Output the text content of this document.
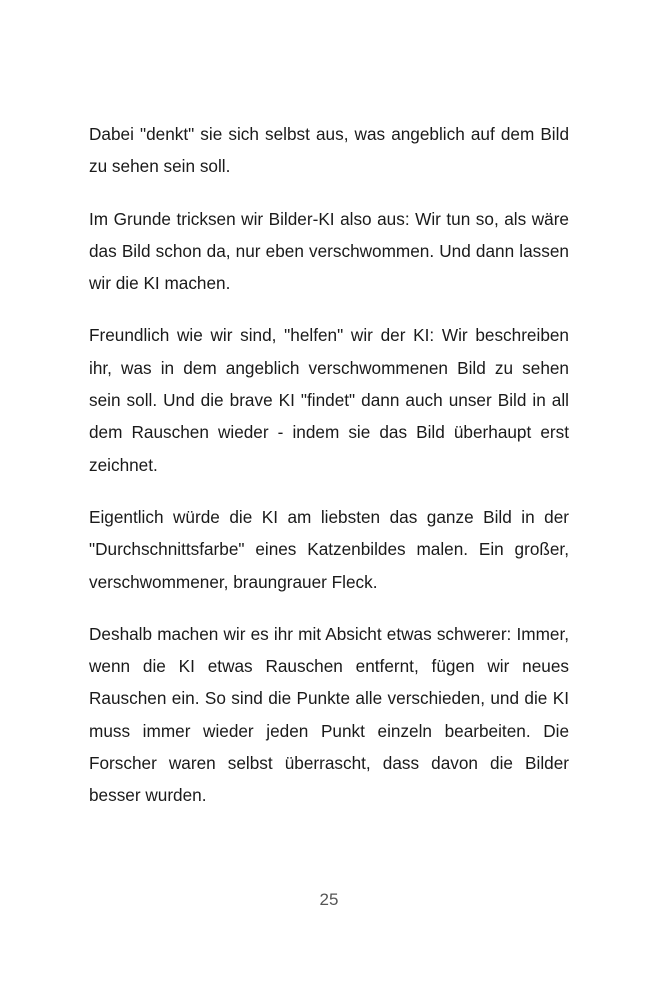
Dabei "denkt" sie sich selbst aus, was angeblich auf dem Bild zu sehen sein soll.

Im Grunde tricksen wir Bilder-KI also aus: Wir tun so, als wäre das Bild schon da, nur eben verschwommen. Und dann lassen wir die KI machen.

Freundlich wie wir sind, "helfen" wir der KI: Wir beschreiben ihr, was in dem angeblich verschwommenen Bild zu sehen sein soll. Und die brave KI "findet" dann auch unser Bild in all dem Rauschen wieder - indem sie das Bild überhaupt erst zeichnet.

Eigentlich würde die KI am liebsten das ganze Bild in der "Durchschnittsfarbe" eines Katzenbildes malen. Ein großer, verschwommener, braungrauer Fleck.

Deshalb machen wir es ihr mit Absicht etwas schwerer: Immer, wenn die KI etwas Rauschen entfernt, fügen wir neues Rauschen ein. So sind die Punkte alle verschieden, und die KI muss immer wieder jeden Punkt einzeln bearbeiten. Die Forscher waren selbst überrascht, dass davon die Bilder besser wurden.

25
